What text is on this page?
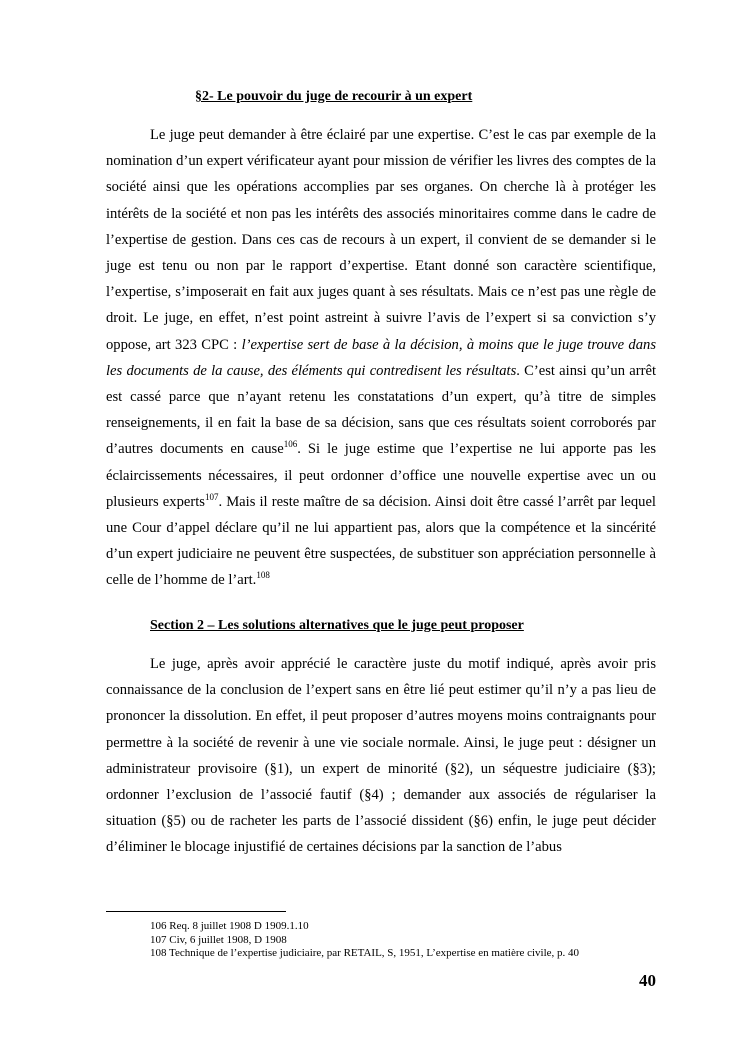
§2- Le pouvoir du juge de recourir à un expert

Le juge peut demander à être éclairé par une expertise. C’est le cas par exemple de la nomination d’un expert vérificateur ayant pour mission de vérifier les livres des comptes de la société ainsi que les opérations accomplies par ses organes. On cherche là à protéger les intérêts de la société et non pas les intérêts des associés minoritaires comme dans le cadre de l’expertise de gestion. Dans ces cas de recours à un expert, il convient de se demander si le juge est tenu ou non par le rapport d’expertise. Etant donné son caractère scientifique, l’expertise, s’imposerait en fait aux juges quant à ses résultats. Mais ce n’est pas une règle de droit. Le juge, en effet, n’est point astreint à suivre l’avis de l’expert si sa conviction s’y oppose, art 323 CPC : l’expertise sert de base à la décision, à moins que le juge trouve dans les documents de la cause, des éléments qui contredisent les résultats. C’est ainsi qu’un arrêt est cassé parce que n’ayant retenu les constatations d’un expert, qu’à titre de simples renseignements, il en fait la base de sa décision, sans que ces résultats soient corroborés par d’autres documents en cause$^{106}$. Si le juge estime que l’expertise ne lui apporte pas les éclaircissements nécessaires, il peut ordonner d’office une nouvelle expertise avec un ou plusieurs experts$^{107}$. Mais il reste maître de sa décision. Ainsi doit être cassé l’arrêt par lequel une Cour d’appel déclare qu’il ne lui appartient pas, alors que la compétence et la sincérité d’un expert judiciaire ne peuvent être suspectées, de substituer son appréciation personnelle à celle de l’homme de l’art.$^{108}$

Section 2 – Les solutions alternatives que le juge peut proposer

Le juge, après avoir apprécié le caractère juste du motif indiqué, après avoir pris connaissance de la conclusion de l’expert sans en être lié peut estimer qu’il n’y a pas lieu de prononcer la dissolution. En effet, il peut proposer d’autres moyens moins contraignants pour permettre à la société de revenir à une vie sociale normale. Ainsi, le juge peut : désigner un administrateur provisoire (§1), un expert de minorité (§2), un séquestre judiciaire (§3); ordonner l’exclusion de l’associé fautif (§4) ; demander aux associés de régulariser la situation (§5) ou de racheter les parts de l’associé dissident (§6) enfin, le juge peut décider d’éliminer le blocage injustifié de certaines décisions par la sanction de l’abus

106 Req. 8 juillet 1908 D 1909.1.10
107 Civ, 6 juillet 1908, D 1908
108 Technique de l’expertise judiciaire, par RETAIL, S, 1951, L’expertise en matière civile, p. 40
40
